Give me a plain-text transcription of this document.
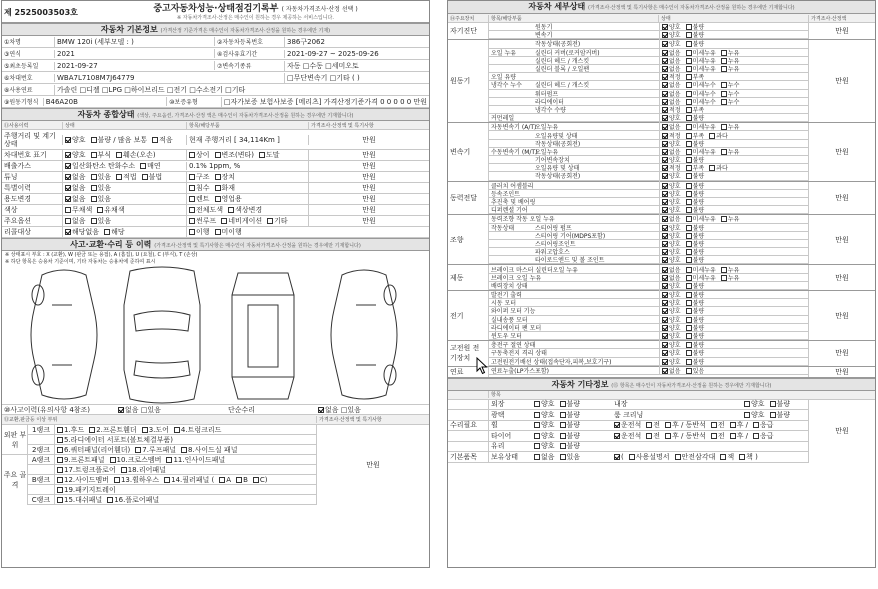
제 2525003503호	중고자동차성능·상태점검기록부 ( 자동차가격조사·산정 선택 )
※ 자동차가격조사·산정은 매수인이 원하는 경우 제공하는 서비스입니다.
자동차 기본정보 (가격산정 기준가격은 매수인이 자동차가격조사·산정을 원하는 경우에만 기재)
①차명	BMW 120i (세부모델 : )	②자동차등록번호	386구2062
③연식	2021	④검사유효기간	2021-09-27 ~ 2025-09-26
⑤최초등록일	2021-09-27	⑦변속기종류	자동 □수동 □세미오토
⑥차대번호	WBA7L7108M7J64779	□무단변속기 □기타 ( )
⑧사용연료	가솔린 □디젤 □LPG □하이브리드 □전기 □수소전기 □기타
⑨원동기형식	B46A20B	⑩보증유형	□자가보증 보험사보증 [메리츠] 가격산정기준가격 0 0 0 0 0 만원
자동차 종합상태 (색상, 주요옵션, 가격조사·산정 액은 매수인이 자동차가격조사·산정을 원하는 경우에만 기재합니다)
⑪사용이력	상태	항목/해당부품	가격조사·산정액 및 특기사항
주행거리 및 계기상태	양호 불량 / 많음 보통 적음	현재 주행거리 [ 34,114Km ]	만원
차대번호 표기	양호 부식 훼손(오손)	상이 변조(변타) 도말	만원
배출가스	일산화탄소 탄화수소 매연	0.1% 1ppm, %	만원
튜닝	없음 있음 적법 불법	구조 장치	만원
특별이력	없음 있음	침수 화재	만원
용도변경	없음 있음	렌트 영업용	만원
색상	무채색 유채색	전체도색 색상변경	만원
주요옵션	없음 있음	썬루프 네비게이션 기타	만원
리콜대상	해당없음 해당	이행 미이행
사고·교환·수리 등 이력 (가격조사·산정액 및 특기사항은 매수인이 자동차가격조사·산정을 원하는 경우에만 기재합니다)
※ 상태표시 부호 : X (교환), W (판금 또는 용접), A (흠집), U (요철), C (부식), T (손상)
※ 하단 항목은 승용차 기준이며, 기타 자동차는 승용차에 준하여 표시
⑩사고이력(유의사항 4참조)	없음 □있음	단순수리	없음 □있음
⑬교환,판금등 이상 부위	가격조사·산정액 및 특기사항
외판 부위
주요 골격
1랭크	1.후드 2.프론트휀더 3.도어 4.트렁크리드
5.라디에이터 서포트(볼트체결부품)
2랭크	6.쿼터패널(리어휀더) 7.루프패널 8.사이드실 패널
A랭크	9.프론트패널 10.크로스멤버 11.인사이드패널
17.트렁크플로어 18.리어패널
B랭크	12.사이드멤버 13.휠하우스 14.필러패널 ( A B C)
19.패키지트레이
C랭크	15.대쉬패널 16.플로어패널
만원
자동차 세부상태 (가격조사·산정액 및 특기사항은 매수인이 자동차가격조사·산정을 원하는 경우에만 기재합니다)
⑭주요장치	항목/해당부품	상태	가격조사·산정액
자기진단	원동기	양호 불량
변속기	양호 불량
만원
원동기
작동상태(공회전)	양호 불량
오일 누유	실린더 커버(로커암커버)	없음 미세누유 누유
실린더 헤드 / 개스킷	없음 미세누유 누유
실린더 블록 / 오일팬	없음 미세누유 누유
오일 유량	적정 부족
냉각수 누수	실린더 헤드 / 개스킷	없음 미세누수 누수
워터펌프	없음 미세누수 누수
라디에이터	없음 미세누수 누수
냉각수 수량	적정 부족
커먼레일	양호 불량
만원
변속기
자동변속기 (A/T)
오일누유	없음 미세누유 누유
오일유량및 상태	적정 부족 과다
작동상태(공회전)	양호 불량
수동변속기 (M/T)
오일누유	없음 미세누유 누유
기어변속장치	양호 불량
오일유량 및 상태	적정 부족 과다
작동상태(공회전)	양호 불량
만원
동력전달
클러치 어셈블리	양호 불량
등속조인트	양호 불량
추진축 및 베어링	양호 불량
디퍼렌셜 기어	양호 불량
만원
조향
동력조향 작동 오일 누유	없음 미세누유 누유
작동상태	스티어링 펌프	양호 불량
스티어링 기어(MDPS포함)	양호 불량
스티어링조인트	양호 불량
파워고압호스	양호 불량
타이로드엔드 및 볼 조인트	양호 불량
만원
제동
브레이크 마스터 실린더오일 누유	없음 미세누유 누유
브레이크 오일 누유	없음 미세누유 누유
배력장치 상태	양호 불량
만원
전기
발전기 출력	양호 불량
시동 모터	양호 불량
와이퍼 모터 기능	양호 불량
실내송풍 모터	양호 불량
라디에이터 팬 모터	양호 불량
윈도우 모터	양호 불량
만원
고전원 전기장치
충전구 절연 상태	양호 불량
구동축전지 격리 상태	양호 불량
고전원전기배선 상태(접속단자,피복,보호기구)	양호 불량
만원
연료	연료누출(LP가스포함)	없음 있음	만원
자동차 기타정보 (⑮ 항목은 매수인이 자동차가격조사·산정을 원하는 경우에만 기재합니다)
항목
외장	양호 불량	내장	양호 불량
광택	양호 불량	룸 크리닝	양호 불량
수리필요	휠	양호 불량	운전석 전 후 / 동반석 전 후 / 응급
타이어	양호 불량	운전석 전 후 / 동반석 전 후 / 응급
유리	양호 불량
기본품목	보유상태	없음 있음	( 사용설명서 안전삼각대 잭 책 )
만원
